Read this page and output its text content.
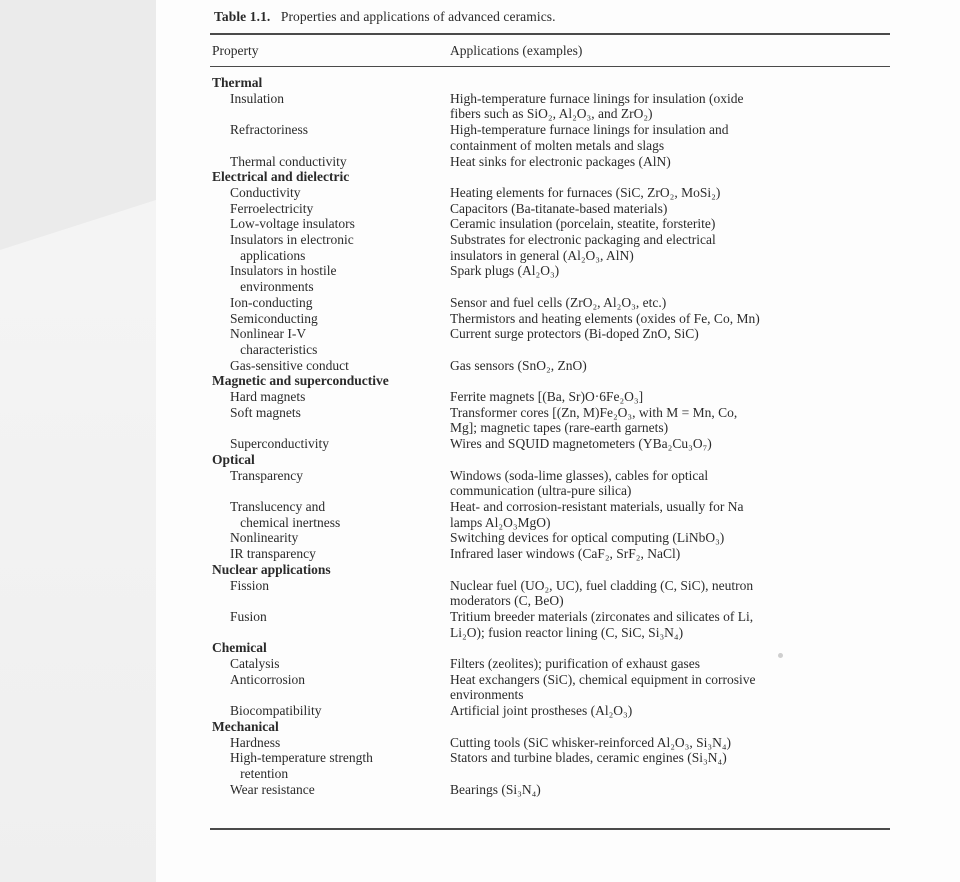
Table 1.1. Properties and applications of advanced ceramics.
Property	Applications (examples)
Thermal
Insulation	High-temperature furnace linings for insulation (oxide
fibers such as SiO₂, Al₂O₃, and ZrO₂)
Refractoriness	High-temperature furnace linings for insulation and
containment of molten metals and slags
Thermal conductivity	Heat sinks for electronic packages (AlN)
Electrical and dielectric
Conductivity	Heating elements for furnaces (SiC, ZrO₂, MoSi₂)
Ferroelectricity	Capacitors (Ba-titanate-based materials)
Low-voltage insulators	Ceramic insulation (porcelain, steatite, forsterite)
Insulators in electronic	Substrates for electronic packaging and electrical
applications	insulators in general (Al₂O₃, AlN)
Insulators in hostile	Spark plugs (Al₂O₃)
environments
Ion-conducting	Sensor and fuel cells (ZrO₂, Al₂O₃, etc.)
Semiconducting	Thermistors and heating elements (oxides of Fe, Co, Mn)
Nonlinear I-V	Current surge protectors (Bi-doped ZnO, SiC)
characteristics
Gas-sensitive conduct	Gas sensors (SnO₂, ZnO)
Magnetic and superconductive
Hard magnets	Ferrite magnets [(Ba, Sr)O·6Fe₂O₃]
Soft magnets	Transformer cores [(Zn, M)Fe₂O₃, with M = Mn, Co,
Mg]; magnetic tapes (rare-earth garnets)
Superconductivity	Wires and SQUID magnetometers (YBa₂Cu₃O₇)
Optical
Transparency	Windows (soda-lime glasses), cables for optical
communication (ultra-pure silica)
Translucency and	Heat- and corrosion-resistant materials, usually for Na
chemical inertness	lamps Al₂O₃MgO)
Nonlinearity	Switching devices for optical computing (LiNbO₃)
IR transparency	Infrared laser windows (CaF₂, SrF₂, NaCl)
Nuclear applications
Fission	Nuclear fuel (UO₂, UC), fuel cladding (C, SiC), neutron
moderators (C, BeO)
Fusion	Tritium breeder materials (zirconates and silicates of Li,
Li₂O); fusion reactor lining (C, SiC, Si₃N₄)
Chemical
Catalysis	Filters (zeolites); purification of exhaust gases
Anticorrosion	Heat exchangers (SiC), chemical equipment in corrosive
environments
Biocompatibility	Artificial joint prostheses (Al₂O₃)
Mechanical
Hardness	Cutting tools (SiC whisker-reinforced Al₂O₃, Si₃N₄)
High-temperature strength	Stators and turbine blades, ceramic engines (Si₃N₄)
retention
Wear resistance	Bearings (Si₃N₄)
